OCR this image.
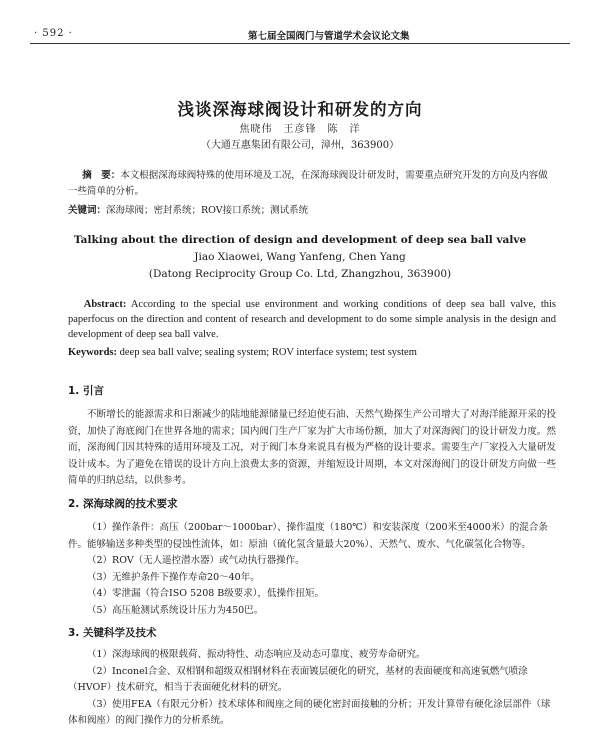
· 592 ·	第七届全国阀门与管道学术会议论文集
浅谈深海球阀设计和研发的方向
焦晓伟　王彦锋　陈　洋
（大通互惠集团有限公司，漳州，363900）
摘　要：本文根据深海球阀特殊的使用环境及工况，在深海球阀设计研发时，需要重点研究开发的方向及内容做一些简单的分析。
关键词：深海球阀；密封系统；ROV接口系统；测试系统
Talking about the direction of design and development of deep sea ball valve
Jiao Xiaowei, Wang Yanfeng, Chen Yang
(Datong Reciprocity Group Co. Ltd, Zhangzhou, 363900)
Abstract: According to the special use environment and working conditions of deep sea ball valve, this paperfocus on the direction and content of research and development to do some simple analysis in the design and development of deep sea ball valve.
Keywords: deep sea ball valve; sealing system; ROV interface system; test system
1. 引言
不断增长的能源需求和日渐减少的陆地能源储量已经迫使石油、天然气勘探生产公司增大了对海洋能源开采的投资，加快了海底阀门在世界各地的需求；国内阀门生产厂家为扩大市场份额，加大了对深海阀门的设计研发力度。然而，深海阀门因其特殊的适用环境及工况，对于阀门本身来说具有极为严格的设计要求。需要生产厂家投入大量研发设计成本。为了避免在错误的设计方向上浪费太多的资源，并缩短设计周期，本文对深海阀门的设计研发方向做一些简单的归纳总结，以供参考。
2. 深海球阀的技术要求
（1）操作条件：高压（200bar～1000bar）、操作温度（180℃）和安装深度（200米至4000米）的混合条件。能够输送多种类型的侵蚀性流体，如：原油（硫化氢含量最大20%）、天然气、废水、气化碳氢化合物等。
（2）ROV（无人遥控潜水器）或气动执行器操作。
（3）无维护条件下操作寿命20～40年。
（4）零泄漏（符合ISO 5208 B级要求），低操作扭矩。
（5）高压舱测试系统设计压力为450巴。
3. 关键科学及技术
（1）深海球阀的极限载荷、振动特性、动态响应及动态可靠度、疲劳寿命研究。
（2）Inconel合金、双相钢和超级双相钢材料在表面镀层硬化的研究，基材的表面硬度和高速氧燃气喷涂（HVOF）技术研究，相当于表面硬化材料的研究。
（3）使用FEA（有限元分析）技术球体和阀座之间的硬化密封面接触的分析；开发计算带有硬化涂层部件（球体和阀座）的阀门操作力的分析系统。
